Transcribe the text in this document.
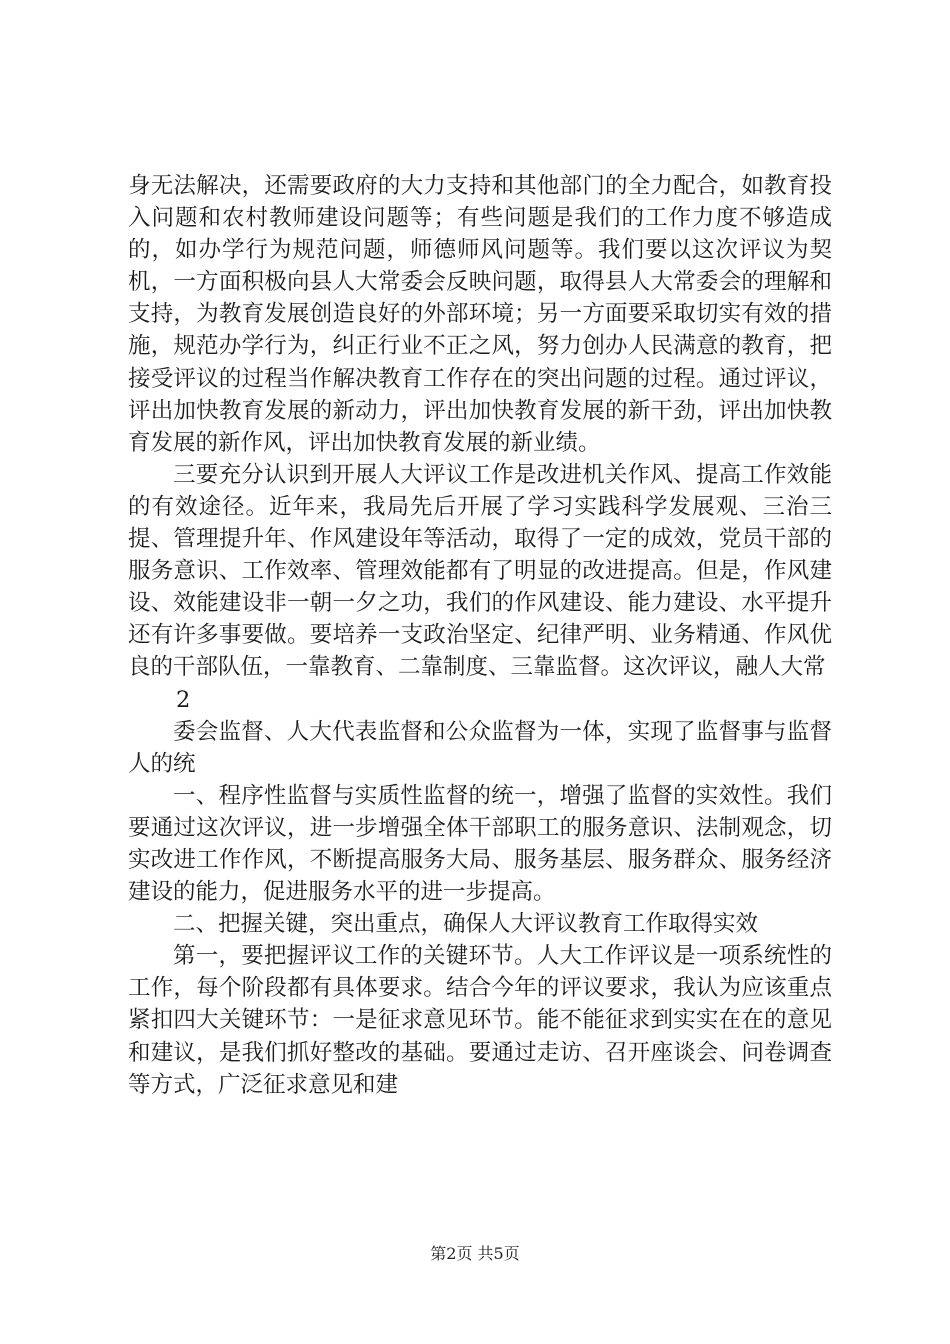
身无法解决，还需要政府的大力支持和其他部门的全力配合，如教育投入问题和农村教师建设问题等；有些问题是我们的工作力度不够造成的，如办学行为规范问题，师德师风问题等。我们要以这次评议为契机，一方面积极向县人大常委会反映问题，取得县人大常委会的理解和支持，为教育发展创造良好的外部环境；另一方面要采取切实有效的措施，规范办学行为，纠正行业不正之风，努力创办人民满意的教育，把接受评议的过程当作解决教育工作存在的突出问题的过程。通过评议，评出加快教育发展的新动力，评出加快教育发展的新干劲，评出加快教育发展的新作风，评出加快教育发展的新业绩。

三要充分认识到开展人大评议工作是改进机关作风、提高工作效能的有效途径。近年来，我局先后开展了学习实践科学发展观、三治三提、管理提升年、作风建设年等活动，取得了一定的成效，党员干部的服务意识、工作效率、管理效能都有了明显的改进提高。但是，作风建设、效能建设非一朝一夕之功，我们的作风建设、能力建设、水平提升还有许多事要做。要培养一支政治坚定、纪律严明、业务精通、作风优良的干部队伍，一靠教育、二靠制度、三靠监督。这次评议，融人大常

2

委会监督、人大代表监督和公众监督为一体，实现了监督事与监督人的统

一、程序性监督与实质性监督的统一，增强了监督的实效性。我们要通过这次评议，进一步增强全体干部职工的服务意识、法制观念，切实改进工作作风，不断提高服务大局、服务基层、服务群众、服务经济建设的能力，促进服务水平的进一步提高。

二、把握关键，突出重点，确保人大评议教育工作取得实效

第一，要把握评议工作的关键环节。人大工作评议是一项系统性的工作，每个阶段都有具体要求。结合今年的评议要求，我认为应该重点紧扣四大关键环节：一是征求意见环节。能不能征求到实实在在的意见和建议，是我们抓好整改的基础。要通过走访、召开座谈会、问卷调查等方式，广泛征求意见和建

第2页 共5页
